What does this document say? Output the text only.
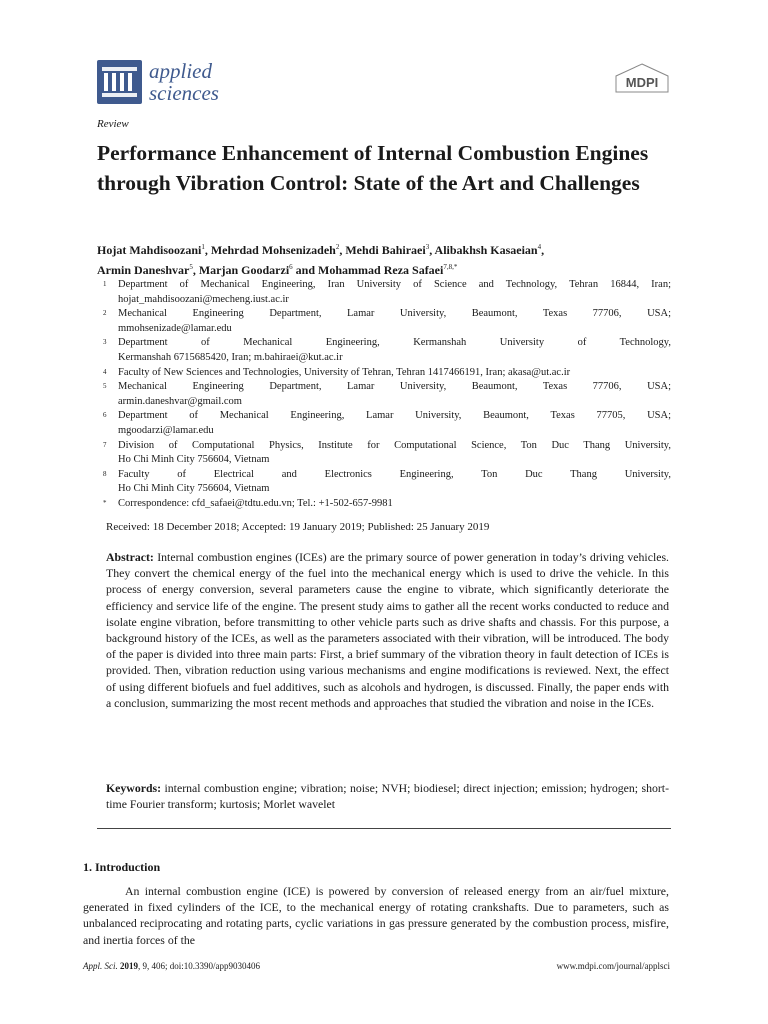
applied
sciences	MDPI
Review
Performance Enhancement of Internal Combustion Engines through Vibration Control: State of the Art and Challenges
Hojat Mahdisoozani$^1$, Mehrdad Mohsenizadeh$^2$, Mehdi Bahiraei$^3$, Alibakhsh Kasaeian$^4$,
Armin Daneshvar$^5$, Marjan Goodarzi$^6$ and Mohammad Reza Safaei$^{7,8,*}$
1 Department of Mechanical Engineering, Iran University of Science and Technology, Tehran 16844, Iran;
hojat_mahdisoozani@mecheng.iust.ac.ir
2 Mechanical Engineering Department, Lamar University, Beaumont, Texas 77706, USA;
mmohsenizade@lamar.edu
3 Department of Mechanical Engineering, Kermanshah University of Technology,
Kermanshah 6715685420, Iran; m.bahiraei@kut.ac.ir
4 Faculty of New Sciences and Technologies, University of Tehran, Tehran 1417466191, Iran; akasa@ut.ac.ir
5 Mechanical Engineering Department, Lamar University, Beaumont, Texas 77706, USA;
armin.daneshvar@gmail.com
6 Department of Mechanical Engineering, Lamar University, Beaumont, Texas 77705, USA;
mgoodarzi@lamar.edu
7 Division of Computational Physics, Institute for Computational Science, Ton Duc Thang University,
Ho Chi Minh City 756604, Vietnam
8 Faculty of Electrical and Electronics Engineering, Ton Duc Thang University,
Ho Chi Minh City 756604, Vietnam
* Correspondence: cfd_safaei@tdtu.edu.vn; Tel.: +1-502-657-9981
Received: 18 December 2018; Accepted: 19 January 2019; Published: 25 January 2019
Abstract: Internal combustion engines (ICEs) are the primary source of power generation in today’s driving vehicles. They convert the chemical energy of the fuel into the mechanical energy which is used to drive the vehicle. In this process of energy conversion, several parameters cause the engine to vibrate, which significantly deteriorate the efficiency and service life of the engine. The present study aims to gather all the recent works conducted to reduce and isolate engine vibration, before transmitting to other vehicle parts such as drive shafts and chassis. For this purpose, a background history of the ICEs, as well as the parameters associated with their vibration, will be introduced. The body of the paper is divided into three main parts: First, a brief summary of the vibration theory in fault detection of ICEs is provided. Then, vibration reduction using various mechanisms and engine modifications is reviewed. Next, the effect of using different biofuels and fuel additives, such as alcohols and hydrogen, is discussed. Finally, the paper ends with a conclusion, summarizing the most recent methods and approaches that studied the vibration and noise in the ICEs.
Keywords: internal combustion engine; vibration; noise; NVH; biodiesel; direct injection; emission; hydrogen; short-time Fourier transform; kurtosis; Morlet wavelet
1. Introduction
An internal combustion engine (ICE) is powered by conversion of released energy from an air/fuel mixture, generated in fixed cylinders of the ICE, to the mechanical energy of rotating crankshafts. Due to parameters, such as unbalanced reciprocating and rotating parts, cyclic variations in gas pressure generated by the combustion process, misfire, and inertia forces of the
Appl. Sci. 2019, 9, 406; doi:10.3390/app9030406	www.mdpi.com/journal/applsci
